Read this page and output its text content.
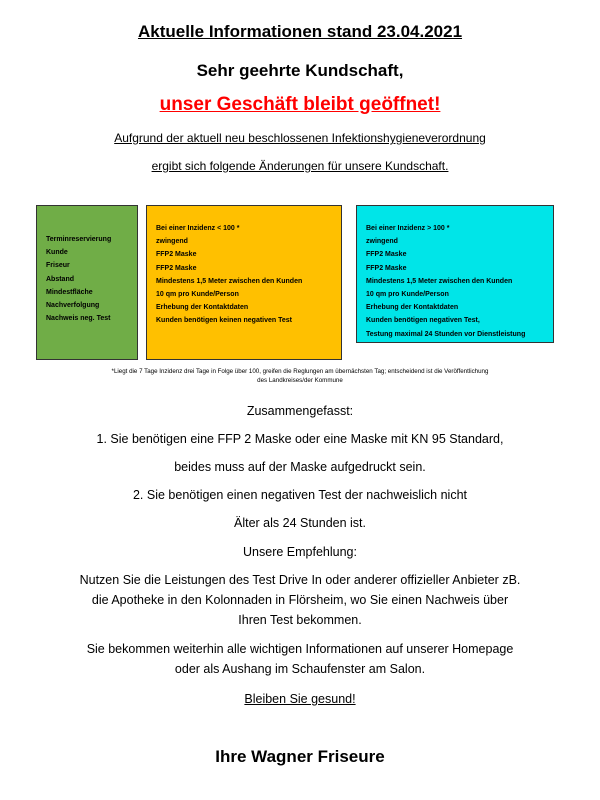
Aktuelle Informationen stand 23.04.2021
Sehr geehrte Kundschaft,
unser Geschäft bleibt geöffnet!
Aufgrund der aktuell neu beschlossenen Infektionshygieneverordnung
ergibt sich folgende Änderungen für unsere Kundschaft.
Terminreservierung
Kunde
Friseur
Abstand
Mindestfläche
Nachverfolgung
Nachweis neg. Test
Bei einer Inzidenz < 100 *
zwingend
FFP2 Maske
FFP2 Maske
Mindestens 1,5 Meter zwischen den Kunden
10 qm pro Kunde/Person
Erhebung der Kontaktdaten
Kunden benötigen keinen negativen Test
Bei einer Inzidenz > 100 *
zwingend
FFP2 Maske
FFP2 Maske
Mindestens 1,5 Meter zwischen den Kunden
10 qm pro Kunde/Person
Erhebung der Kontaktdaten
Kunden benötigen negativen Test,
Testung maximal 24 Stunden vor Dienstleistung
*Liegt die 7 Tage Inzidenz drei Tage in Folge über 100, greifen die Reglungen am übernächsten Tag; entscheidend ist die Veröffentlichung
des Landkreises/der Kommune
Zusammengefasst:
1. Sie benötigen eine FFP 2 Maske oder eine Maske mit KN 95 Standard,
beides muss auf der Maske aufgedruckt sein.
2. Sie benötigen einen negativen Test der nachweislich nicht
Älter als 24 Stunden ist.
Unsere Empfehlung:
Nutzen Sie die Leistungen des Test Drive In oder anderer offizieller Anbieter zB.
die Apotheke in den Kolonnaden in Flörsheim, wo Sie einen Nachweis über
Ihren Test bekommen.
Sie bekommen weiterhin alle wichtigen Informationen auf unserer Homepage
oder als Aushang im Schaufenster am Salon.
Bleiben Sie gesund!
Ihre Wagner Friseure
